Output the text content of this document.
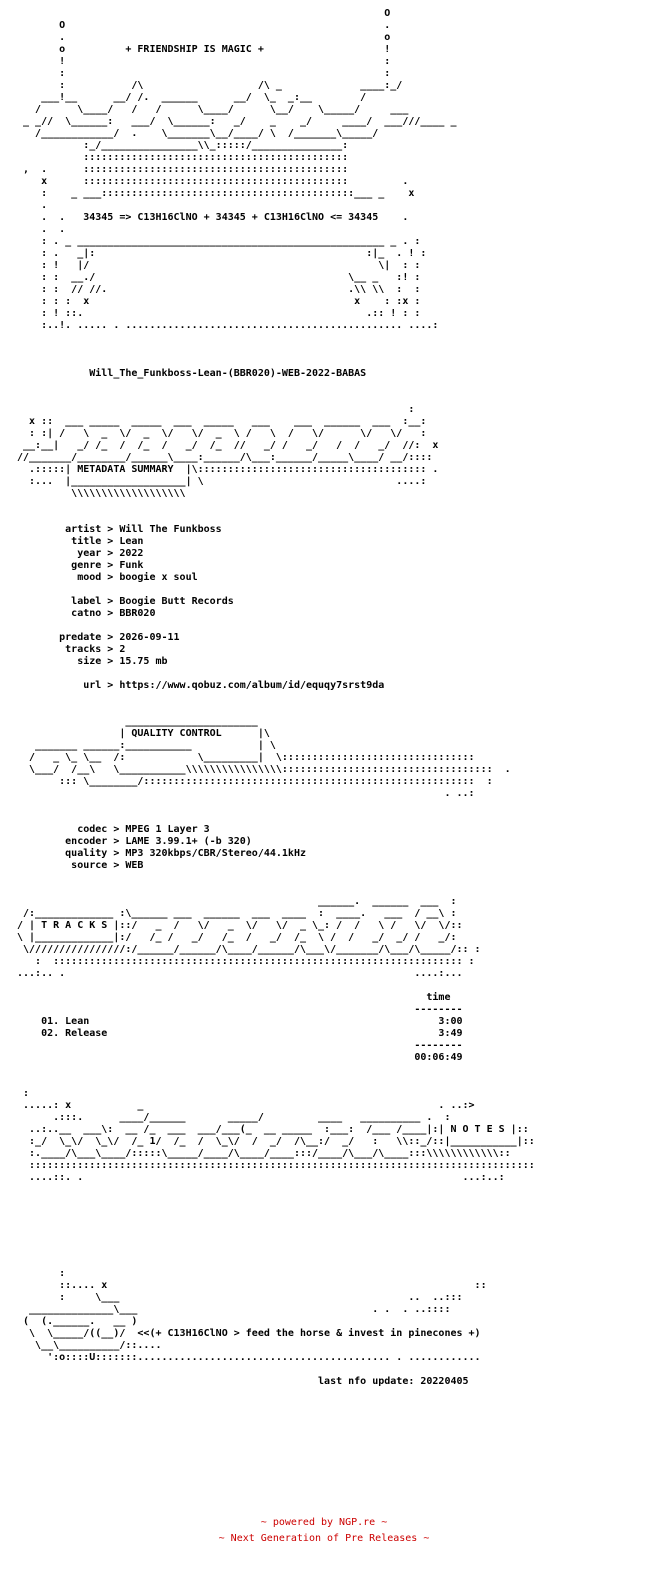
O
O                                                     .
.                                                     o
o          + FRIENDSHIP IS MAGIC +                    !
!                                                     :
:                                                     :
:           /\                   /\ _             ____:_/
___!__      __/ /.  ______      __/  \_  _:__        /
/      \____/   /   /      \____/      \__/    \_____/     ___
_ _//  \______:   ___/  \______:   _/    _    _/     ____/  ___///____ _
/____________/  .    \_______\__/____/ \  /_______\_____/
:_/________________\\_:::::/_______________:
::::::::::::::::::::::::::::::::::::::::::::
,  .      ::::::::::::::::::::::::::::::::::::::::::::
x      ::::::::::::::::::::::::::::::::::::::::::::         .
:    _ ___::::::::::::::::::::::::::::::::::::::::::___ _    x
.
.  .   34345 => C13H16ClNO + 34345 + C13H16ClNO <= 34345    .
.  .
: . _ ___________________________________________________ _ . :
: .   _|:                                             :|_  . ! :
: !   |/                                                \|  : :
: :  __./                                          \__ _   :! :
: :  // //.                                        .\\ \\  :  :
: : :  x                                            x    : :x :
: ! ::.                                               .:: ! : :
:..!. ..... . .............................................. ....:

Will_The_Funkboss-Lean-(BBR020)-WEB-2022-BABAS

:
x ::  ___ _____  _____  ___  _____   ___    ___  ______  ___  :__:
: :| /   \  _  \/  _  \/   \/  _  \ /   \  /   \/      \/   \/   :
__:__|   _/ /_  /  /_  /   _/  /_  //   _/ /   _/   /  /   _/  //:  x
//_______/________/______\____:______/\___:______/_____\____/ __/::::
.:::::| METADATA SUMMARY  |\:::::::::::::::::::::::::::::::::::::: .
:...  |___________________| \                                ....:
\\\\\\\\\\\\\\\\\\\

artist > Will The Funkboss
title > Lean
year > 2022
genre > Funk
mood > boogie x soul

label > Boogie Butt Records
catno > BBR020

predate > 2026-09-11
tracks > 2
size > 15.75 mb

url > https://www.qobuz.com/album/id/equqy7srst9da

______________________
| QUALITY CONTROL      |\
_______ ______:___________           | \
/   _ \_ \__  /:            \_________|  \::::::::::::::::::::::::::::::::
\___/  /__\   \___________\\\\\\\\\\\\\\\\:::::::::::::::::::::::::::::::::::  .
::: \________/:::::::::::::::::::::::::::::::::::::::::::::::::::::::  :
. ..:

codec > MPEG 1 Layer 3
encoder > LAME 3.99.1+ (-b 320)
quality > MP3 320kbps/CBR/Stereo/44.1kHz
source > WEB

______.  ______  ___  :
/:_____________ :\______ ___  ______  ___  ____  :  ____.   ___  / __\ :
/ | T R A C K S |::/   _  /   \/   _  \/   \/  _ \_: /  /   \ /   \/  \/::
\ |_____________|:/   /_ /   _/   /_  /   _/  /_  \ /  /   _/  _/ /   _/:
\////////////////:/______/______/\____/______/\___\/_______/\___/\_____/:: :
:  :::::::::::::::::::::::::::::::::::::::::::::::::::::::::::::::::::: :
...:.. .                                                          ....:...

time
--------
01. Lean                                                          3:00
02. Release                                                       3:49
--------
00:06:49

:
.....: x           _                                                 . ..:>
.:::.      ____/______       _____/         ____   __________ .  :
..:..__  ___\:  __ /_  ___  ___/___(_  __ _____  :___:  /___ /____|:| N O T E S |::
:_/  \_\/  \_\/  /_ 1/  /_  /  \_\/  /  _/  /\__:/  _/   :   \\::_/::|___________|::
:.____/\___\____/:::::\_____/____/\____/____:::/____/\___/\____:::\\\\\\\\\\\\::
::::::::::::::::::::::::::::::::::::::::::::::::::::::::::::::::::::::::::::::::::::
....::. .                                                               ...:..:

:
::.... x                                                             ::
:     \___                                                ..  ..:::
______________\___                                       . .  . ..::::
(  (.______.   __ )
\  \_____/((__)/  <<(+ C13H16ClNO > feed the horse & invest in pinecones +)
\__\__________/::....
':o::::U:::::::.......................................... . ............

last nfo update: 20220405

~ powered by NGP.re ~
~ Next Generation of Pre Releases ~
